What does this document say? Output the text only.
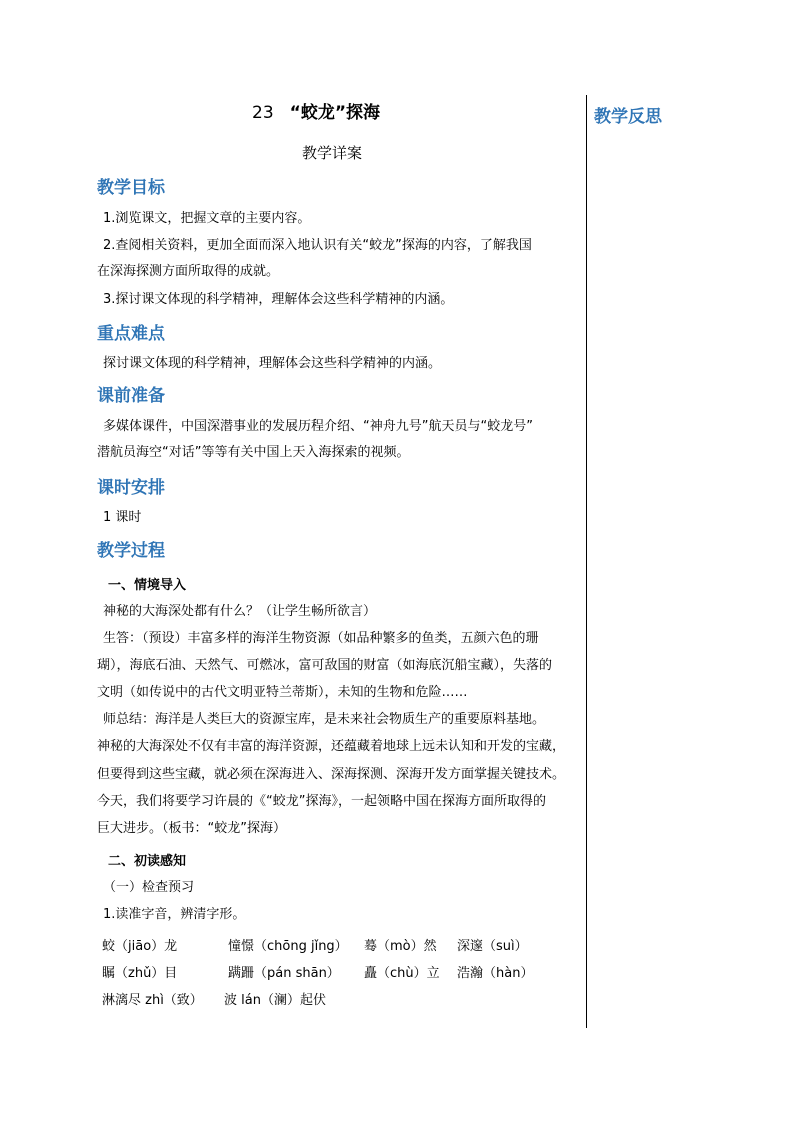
教学反思
23 “蛟龙”探海
教学详案
教学目标
1.浏览课文，把握文章的主要内容。
2.查阅相关资料，更加全面而深入地认识有关“蛟龙”探海的内容，了解我国
在深海探测方面所取得的成就。
3.探讨课文体现的科学精神，理解体会这些科学精神的内涵。
重点难点
探讨课文体现的科学精神，理解体会这些科学精神的内涵。
课前准备
多媒体课件，中国深潜事业的发展历程介绍、“神舟九号”航天员与“蛟龙号”
潜航员海空“对话”等等有关中国上天入海探索的视频。
课时安排
1 课时
教学过程
一、情境导入
神秘的大海深处都有什么？（让学生畅所欲言）
生答：（预设）丰富多样的海洋生物资源（如品种繁多的鱼类，五颜六色的珊
瑚），海底石油、天然气、可燃冰，富可敌国的财富（如海底沉船宝藏），失落的
文明（如传说中的古代文明亚特兰蒂斯），未知的生物和危险……
师总结：海洋是人类巨大的资源宝库，是未来社会物质生产的重要原料基地。
神秘的大海深处不仅有丰富的海洋资源，还蕴藏着地球上远未认知和开发的宝藏，
但要得到这些宝藏，就必须在深海进入、深海探测、深海开发方面掌握关键技术。
今天，我们将要学习许晨的《“蛟龙”探海》，一起领略中国在探海方面所取得的
巨大进步。（板书：“蛟龙”探海）
二、初读感知
（一）检查预习
1.读准字音，辨清字形。
蛟（jiāo）龙	憧憬（chōng jǐng） 蓦（mò）然 深邃（suì）
瞩（zhǔ）目	蹒跚（pán shān） 矗（chù）立 浩瀚（hàn）
淋漓尽 zhì（致） 波 lán（澜）起伏
